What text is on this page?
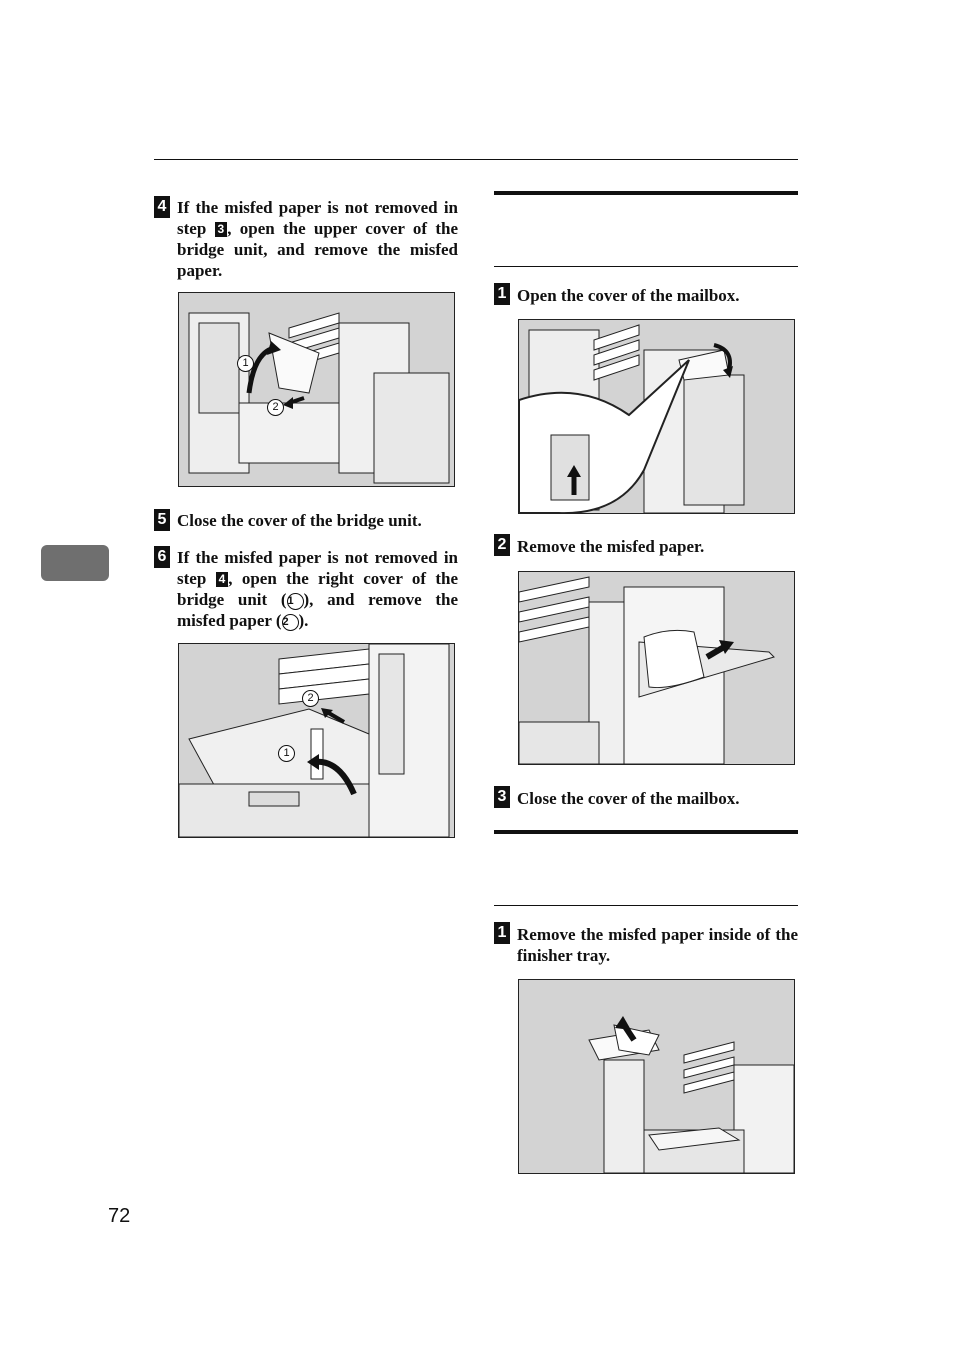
4 If the misfed paper is not removed in step 3 , open the upper cover of the bridge unit, and remove the misfed paper.
1
2
5 Close the cover of the bridge unit.
6 If the misfed paper is not removed in step 4 , open the right cover of the bridge unit (1 ), and remove the misfed paper (2 ).
2
1
1 Open the cover of the mailbox.
2 Remove the misfed paper.
3 Close the cover of the mailbox.
1 Remove the misfed paper inside of the finisher tray.
72
